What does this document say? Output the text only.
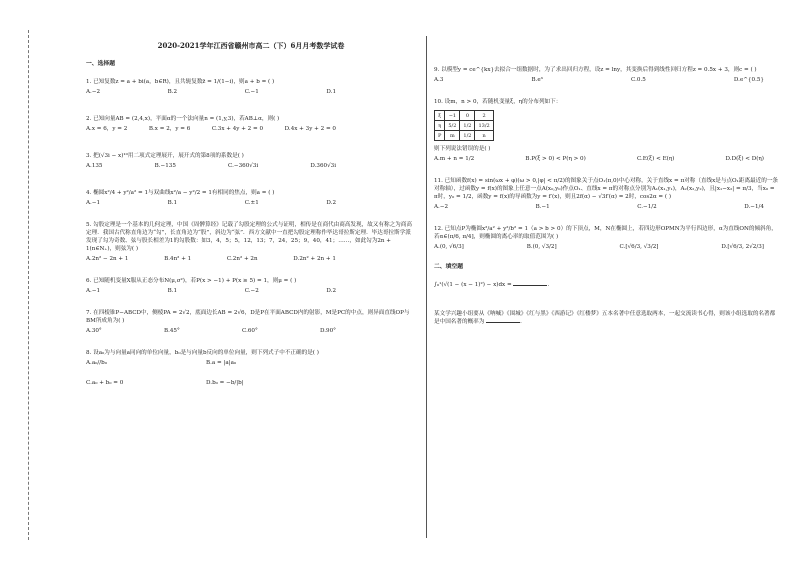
2020-2021学年江西省赣州市高二（下）6月月考数学试卷
一、选择题
1. 已知复数z = a + bi(a，b∈R)，且共轭复数z̄ = 1/(1−i)，则a + b = ( )
A.−2	B.2	C.−1	D.1
2. 已知向量AB = (2,4,x)，平面α的一个法向量n = (1,y,3)，若AB⊥α，则( )
A.x = 6，y = 2	B.x = 2，y = 6	C.3x + 4y + 2 = 0	D.4x + 3y + 2 = 0
3. 把(√3i − x)¹⁰用二项式定理展开，展开式的第8项的系数是( )
A.135	B.−135	C.−360√3i	D.360√3i
4. 椭圆x²/4 + y²/a² = 1与双曲线x²/a − y²/2 = 1有相同的焦点，则a = ( )
A.−1	B.1	C.±1	D.2
5. 勾股定理是一个基本的几何定理，中国《周髀算经》记载了勾股定理的公式与证明，相传是在商代由商高发现，故又有称之为商高定理．我国古代称直角边为“勾”，长直角边为“股”，斜边为“弦”．西方文献中一直把勾股定理称作毕达哥拉斯定理．毕达哥拉斯学派发现了勾为奇数、弦与股长相差为1的勾股数：如3，4，5；5，12，13；7，24，25；9，40，41；……，如此勾为2n + 1(n∈N₊)，则弦为( )
A.2n² − 2n + 1	B.4n² + 1	C.2n² + 2n	D.2n² + 2n + 1
6. 已知随机变量X服从正态分布N(μ,σ²)，若P(x > −1) + P(x ≥ 5) = 1，则μ = ( )
A.−1	B.1	C.−2	D.2
7. 在四棱锥P−ABCD中，侧棱PA = 2√2，底面边长AB = 2√6，D是P在平面ABCD内的射影，M是PC的中点，则异面直线OP与BM所成角为( )
A.30°	B.45°	C.60°	D.90°
8. 设a₀为与向量a同向的单位向量，b₀是与向量b反向的单位向量，则下列式子中不正确的是( )
A.a₀//b₀	B.a = |a|a₀
C.a₀ + b₀ = 0	D.b₀ = −b/|b|
9. 以模型y = ce^{kx}去拟合一组数据时，为了求出回归方程，设z = lny，其变换后得到线性回归方程z = 0.5x + 3，则c = ( )
A.3	B.e³	C.0.5	D.e^{0.5}
10. 设m，n > 0，若随机变量ξ，η的分布列如下：
ξ	−1	0	2
η	5/2	1/2	13/2
P	m	1/2	n
则下列说法错误的是( )
A.m + n = 1/2	B.P(ξ > 0) < P(η > 0)	C.E(ξ) < E(η)	D.D(ξ) < D(η)
11. 已知函数f(x) = sin(ωx + φ)(ω > 0,|φ| < π/2)的图象关于点O₁(π,0)中心对称，关于直线x = π对称（直线x是与点O₁距离最近的一条对称轴），过函数y = f(x)的图象上任意一点A(x₀,y₀)作点O₁、直线x = π的对称点分别为A₁(x₁,y₁)，A₂(x₂,y₂)，且|x₁−x₂| = π/3，当x₀ = π时，y₀ = 1/2，函数y = f(x)的导函数为y = f′(x)，则且2f(α) − √3f′(α) = 2时，cos2α = ( )
A.−2	B.−1	C.−1/2	D.−1/4
12. 已知点P为椭圆x²/a² + y²/b² = 1（a > b > 0）的下顶点，M，N在椭圆上，若四边形OPMN为平行四边形，α为直线ON的倾斜角，若α∈(π/6, π/4]，则椭圆的离心率的取值范围为( )
A.(0, √6/3]	B.(0, √3/2]	C.[√6/3, √3/2]	D.[√6/3, 2√2/3]
二、填空题
∫₀¹(√(1 − (x − 1)²) − x)dx =	．
某文学兴趣小组要从《呐喊》《围城》《红与黑》《西游记》《红楼梦》五本名著中任意选取两本，一起交流读书心得，则该小组选取的名著都是中国名著的概率为	．
